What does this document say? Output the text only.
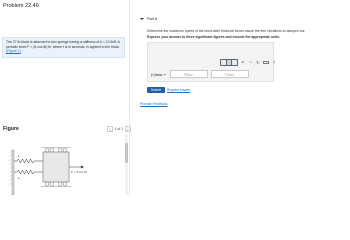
Problem 22.46
The 27-lb block is attached to two springs having a stiffness of k = 10 lb/ft. A periodic force F = (8 cos 8t) lb, where t is in seconds, is applied to the block. (Figure 1)
Figure	‹	1 of 1 ›
k
k
F = 8 cos 8t
Part A
Determine the maximum speed of the block after frictional forces cause the free vibrations to dampen out.
Express your answer to three significant figures and include the appropriate units.
↶ ↷ ↻	?
(v)max =	Value	Units
Submit	Request Answer
Provide Feedback
